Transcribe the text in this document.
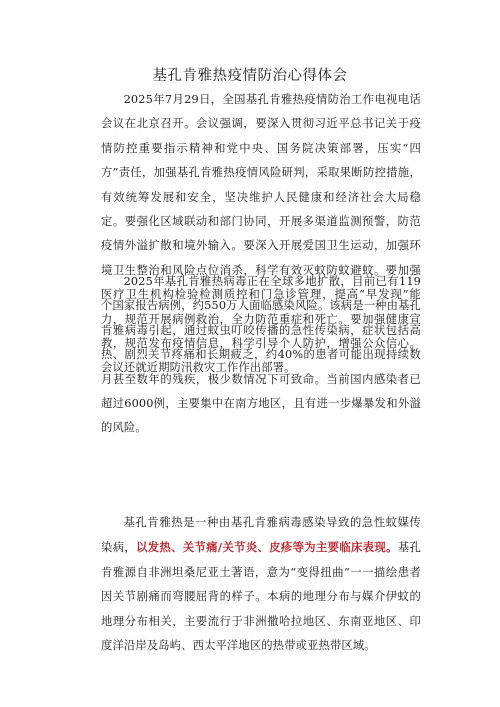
基孔肯雅热疫情防治心得体会

2025年7月29日，全国基孔肯雅热疫情防治工作电视电话会议在北京召开。会议强调，要深入贯彻习近平总书记关于疫情防控重要指示精神和党中央、国务院决策部署，压实“四方”责任，加强基孔肯雅热疫情风险研判，采取果断防控措施，有效统筹发展和安全，坚决维护人民健康和经济社会大局稳定。要强化区域联动和部门协同，开展多渠道监测预警，防范疫情外溢扩散和境外输入。要深入开展爱国卫生运动，加强环境卫生整治和风险点位消杀，科学有效灭蚊防蚊避蚊。要加强医疗卫生机构检验检测质控和门急诊管理，提高“早发现”能力，规范开展病例救治，全力防范重症和死亡。要加强健康宣教，规范发布疫情信息，科学引导个人防护，增强公众信心。会议还就近期防汛救灾工作作出部署。

2025年基孔肯雅热病毒正在全球多地扩散，目前已有119个国家报告病例，约550万人面临感染风险。该病是一种由基孔肯雅病毒引起，通过蚊虫叮咬传播的急性传染病，症状包括高热、剧烈关节疼痛和长期疲乏，约40%的患者可能出现持续数月甚至数年的残疾，极少数情况下可致命。当前国内感染者已超过6000例，主要集中在南方地区，且有进一步爆暴发和外溢的风险。

基孔肯雅热是一种由基孔肯雅病毒感染导致的急性蚊媒传染病，以发热、关节痛/关节炎、皮疹等为主要临床表现。基孔肯雅源自非洲坦桑尼亚土著语，意为“变得扭曲”一一描绘患者因关节剧痛而弯腰屈背的样子。本病的地理分布与媒介伊蚊的地理分布相关，主要流行于非洲撒哈拉地区、东南亚地区、印度洋沿岸及岛屿、西太平洋地区的热带或亚热带区域。
